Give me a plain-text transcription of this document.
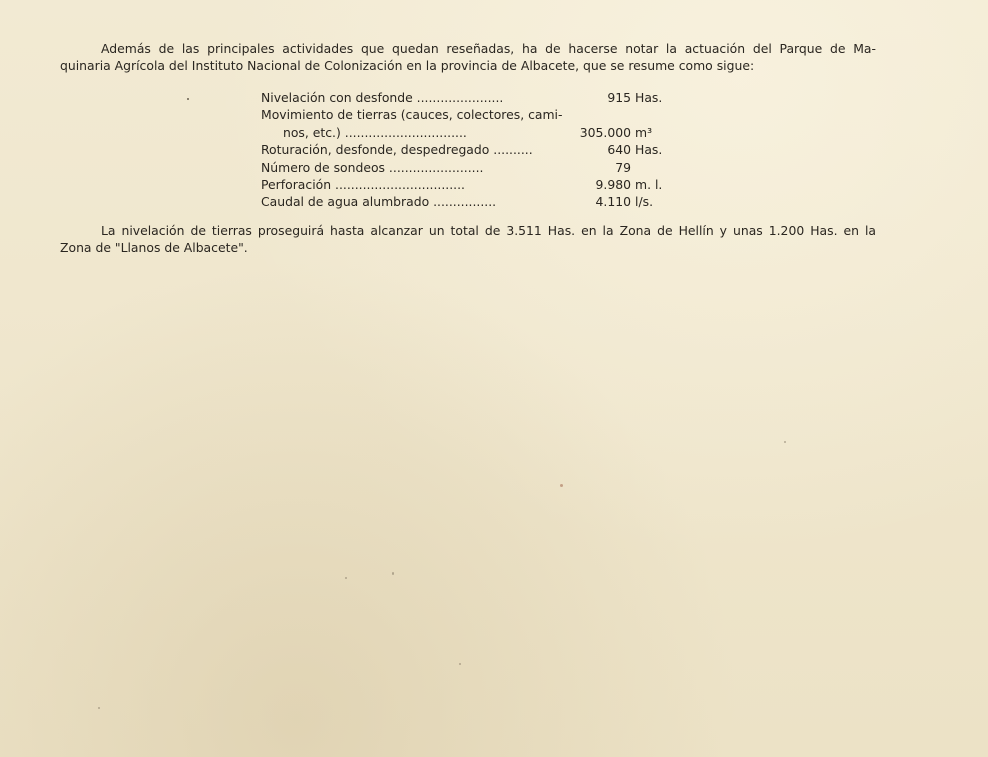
Además de las principales actividades que quedan reseñadas, ha de hacerse notar la actuación del Parque de Ma-
quinaria Agrícola del Instituto Nacional de Colonización en la provincia de Albacete, que se resume como sigue:
Nivelación con desfonde ......................	915 Has.
Movimiento de tierras (cauces, colectores, cami-
nos, etc.) ...............................	305.000 m³
Roturación, desfonde, despedregado ..........	640 Has.
Número de sondeos ........................	79
Perforación .................................	9.980 m. l.
Caudal de agua alumbrado ................	4.110 l/s.
La nivelación de tierras proseguirá hasta alcanzar un total de 3.511 Has. en la Zona de Hellín y unas 1.200 Has. en la
Zona de "Llanos de Albacete".
